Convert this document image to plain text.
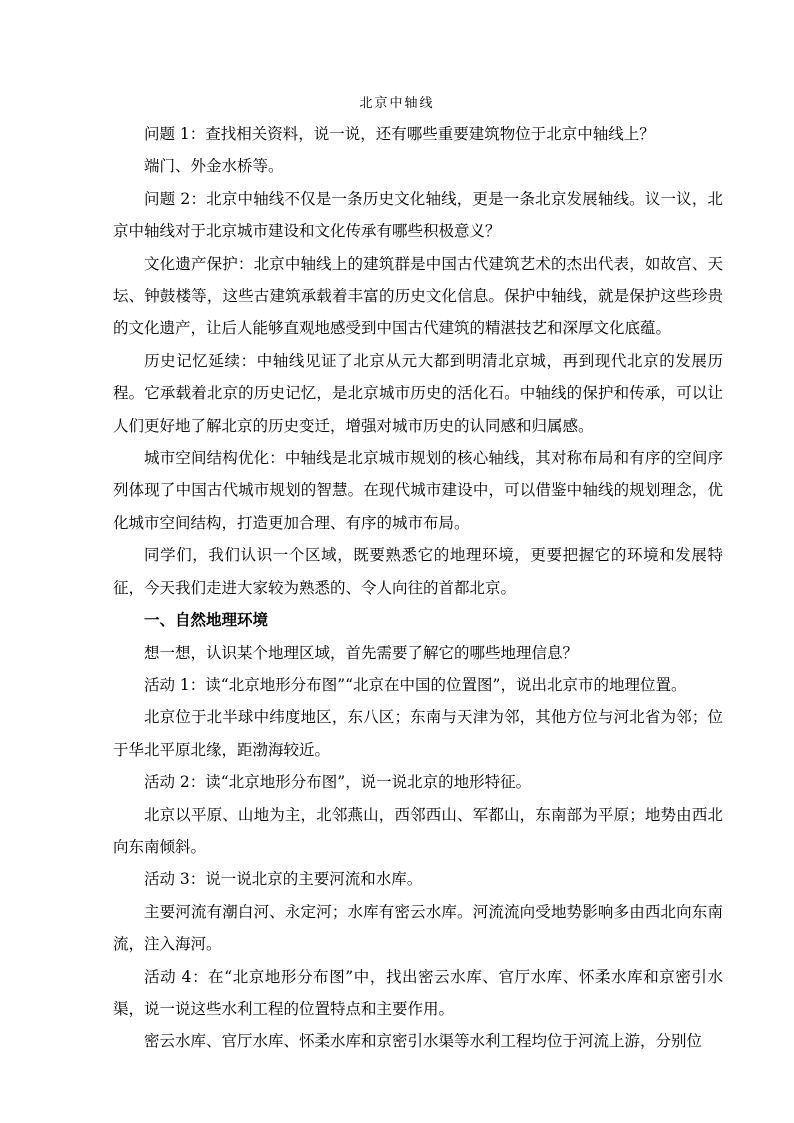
北京中轴线

问题 1：查找相关资料，说一说，还有哪些重要建筑物位于北京中轴线上？

端门、外金水桥等。

问题 2：北京中轴线不仅是一条历史文化轴线，更是一条北京发展轴线。议一议，北京中轴线对于北京城市建设和文化传承有哪些积极意义？

文化遗产保护：北京中轴线上的建筑群是中国古代建筑艺术的杰出代表，如故宫、天坛、钟鼓楼等，这些古建筑承载着丰富的历史文化信息。保护中轴线，就是保护这些珍贵的文化遗产，让后人能够直观地感受到中国古代建筑的精湛技艺和深厚文化底蕴。

历史记忆延续：中轴线见证了北京从元大都到明清北京城，再到现代北京的发展历程。它承载着北京的历史记忆，是北京城市历史的活化石。中轴线的保护和传承，可以让人们更好地了解北京的历史变迁，增强对城市历史的认同感和归属感。

城市空间结构优化：中轴线是北京城市规划的核心轴线，其对称布局和有序的空间序列体现了中国古代城市规划的智慧。在现代城市建设中，可以借鉴中轴线的规划理念，优化城市空间结构，打造更加合理、有序的城市布局。

同学们，我们认识一个区域，既要熟悉它的地理环境，更要把握它的环境和发展特征，今天我们走进大家较为熟悉的、令人向往的首都北京。

一、自然地理环境

想一想，认识某个地理区域，首先需要了解它的哪些地理信息？

活动 1：读“北京地形分布图”“北京在中国的位置图”，说出北京市的地理位置。

北京位于北半球中纬度地区，东八区；东南与天津为邻，其他方位与河北省为邻；位于华北平原北缘，距渤海较近。

活动 2：读“北京地形分布图”，说一说北京的地形特征。

北京以平原、山地为主，北邻燕山，西邻西山、军都山，东南部为平原；地势由西北向东南倾斜。

活动 3：说一说北京的主要河流和水库。

主要河流有潮白河、永定河；水库有密云水库。河流流向受地势影响多由西北向东南流，注入海河。

活动 4：在“北京地形分布图”中，找出密云水库、官厅水库、怀柔水库和京密引水渠，说一说这些水利工程的位置特点和主要作用。

密云水库、官厅水库、怀柔水库和京密引水渠等水利工程均位于河流上游，分别位
